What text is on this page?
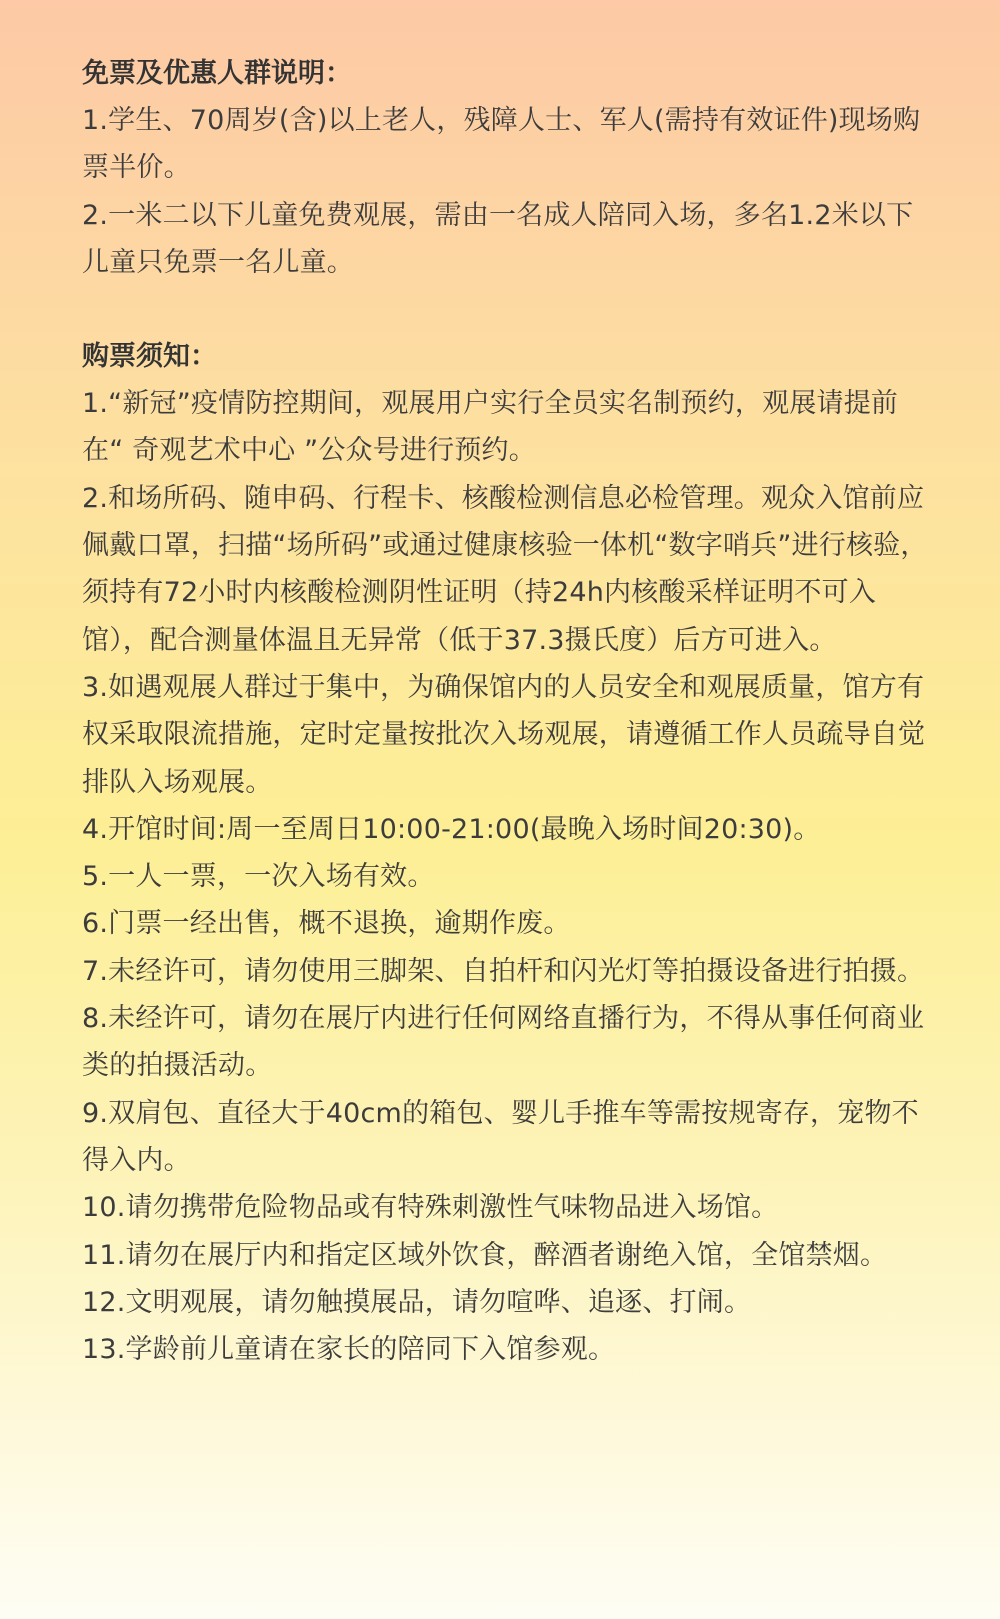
免票及优惠人群说明：

1.学生、70周岁(含)以上老人，残障人士、军人(需持有效证件)现场购票半价。

2.一米二以下儿童免费观展，需由一名成人陪同入场，多名1.2米以下儿童只免票一名儿童。

购票须知：

1.“新冠”疫情防控期间，观展用户实行全员实名制预约，观展请提前在“ 奇观艺术中心 ”公众号进行预约。

2.和场所码、随申码、行程卡、核酸检测信息必检管理。观众入馆前应佩戴口罩，扫描“场所码”或通过健康核验一体机“数字哨兵”进行核验，须持有72小时内核酸检测阴性证明（持24h内核酸采样证明不可入馆），配合测量体温且无异常（低于37.3摄氏度）后方可进入。

3.如遇观展人群过于集中，为确保馆内的人员安全和观展质量，馆方有权采取限流措施，定时定量按批次入场观展，请遵循工作人员疏导自觉排队入场观展。

4.开馆时间:周一至周日10:00-21:00(最晚入场时间20:30)。

5.一人一票，一次入场有效。

6.门票一经出售，概不退换，逾期作废。

7.未经许可，请勿使用三脚架、自拍杆和闪光灯等拍摄设备进行拍摄。

8.未经许可，请勿在展厅内进行任何网络直播行为，不得从事任何商业类的拍摄活动。

9.双肩包、直径大于40cm的箱包、婴儿手推车等需按规寄存，宠物不得入内。

10.请勿携带危险物品或有特殊刺激性气味物品进入场馆。

11.请勿在展厅内和指定区域外饮食，醉酒者谢绝入馆，全馆禁烟。

12.文明观展，请勿触摸展品，请勿喧哗、追逐、打闹。

13.学龄前儿童请在家长的陪同下入馆参观。
